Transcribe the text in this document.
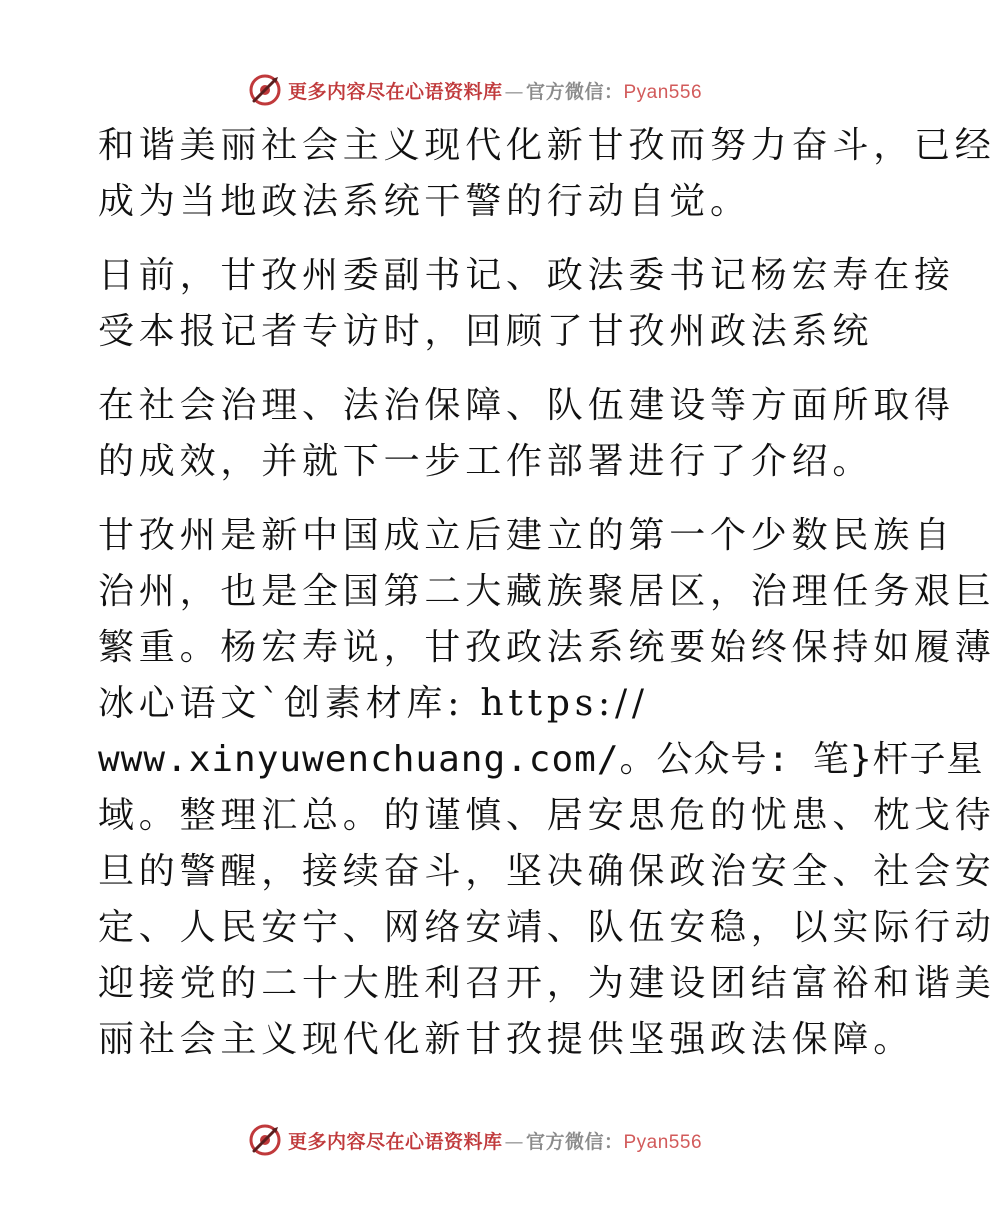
更多内容尽在心语资料库 — 官方微信：Pyan556
和谐美丽社会主义现代化新甘孜而努力奋斗，已经
成为当地政法系统干警的行动自觉。
日前，甘孜州委副书记、政法委书记杨宏寿在接
受本报记者专访时，回顾了甘孜州政法系统
在社会治理、法治保障、队伍建设等方面所取得
的成效，并就下一步工作部署进行了介绍。
甘孜州是新中国成立后建立的第一个少数民族自
治州，也是全国第二大藏族聚居区，治理任务艰巨
繁重。杨宏寿说，甘孜政法系统要始终保持如履薄
冰心语文`创素材库: https://
www.xinyuwenchuang.com/。公众号: 笔}杆子星
域。整理汇总。的谨慎、居安思危的忧患、枕戈待
旦的警醒，接续奋斗，坚决确保政治安全、社会安
定、人民安宁、网络安靖、队伍安稳，以实际行动
迎接党的二十大胜利召开，为建设团结富裕和谐美
丽社会主义现代化新甘孜提供坚强政法保障。
更多内容尽在心语资料库 — 官方微信：Pyan556
